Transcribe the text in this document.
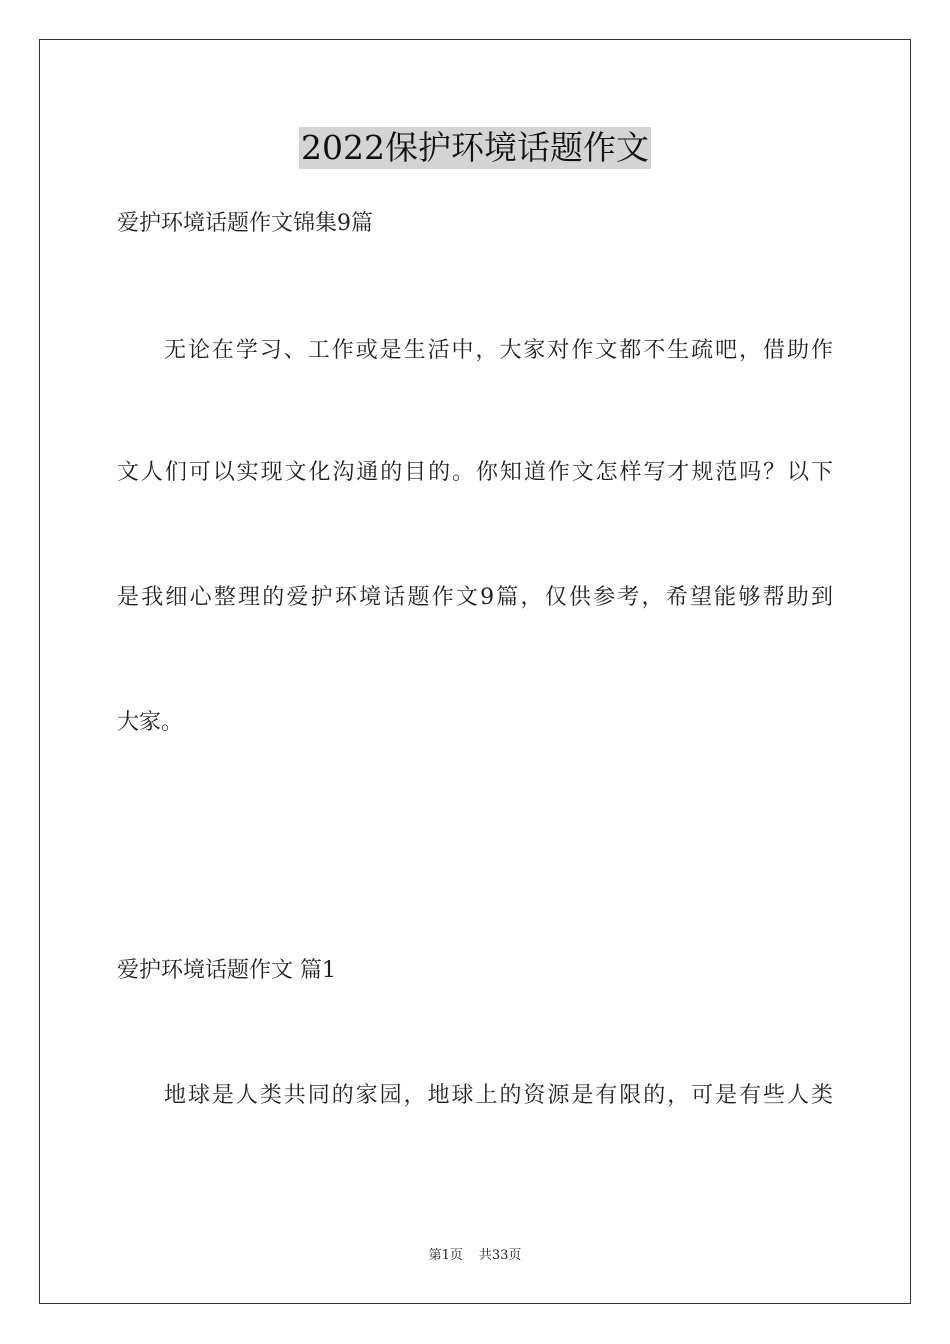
2022保护环境话题作文
爱护环境话题作文锦集9篇
无论在学习、工作或是生活中，大家对作文都不生疏吧，借助作
文人们可以实现文化沟通的目的。你知道作文怎样写才规范吗？以下
是我细心整理的爱护环境话题作文9篇，仅供参考，希望能够帮助到
大家。
爱护环境话题作文 篇1
地球是人类共同的家园，地球上的资源是有限的，可是有些人类
第1页 共33页
